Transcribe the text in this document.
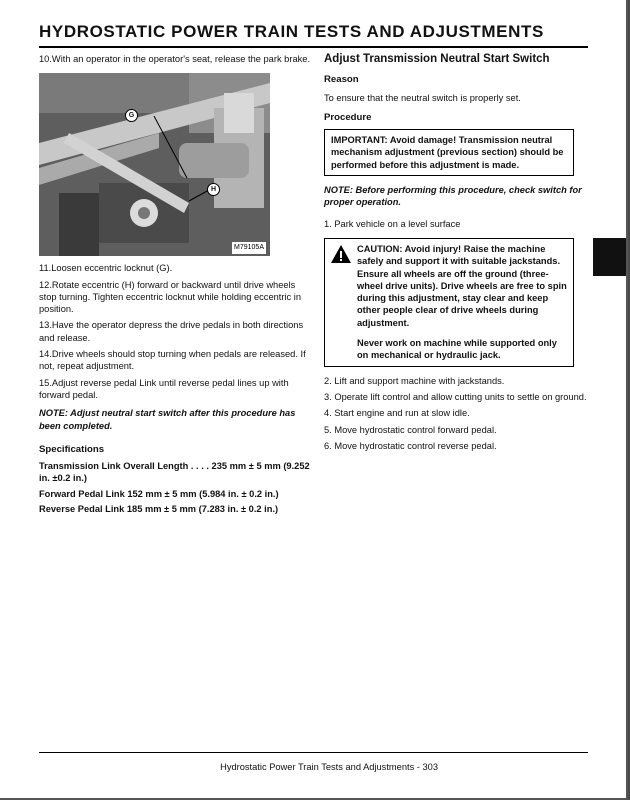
HYDROSTATIC POWER TRAIN TESTS AND ADJUSTMENTS

10.With an operator in the operator's seat, release the park brake.

G
H
M79105A

11.Loosen eccentric locknut (G).

12.Rotate eccentric (H) forward or backward until drive wheels stop turning. Tighten eccentric locknut while holding eccentric in position.

13.Have the operator depress the drive pedals in both directions and release.

14.Drive wheels should stop turning when pedals are released. If not, repeat adjustment.

15.Adjust reverse pedal Link until reverse pedal lines up with forward pedal.

NOTE: Adjust neutral start switch after this procedure has been completed.

Specifications

Transmission Link Overall Length . . . . 235 mm ± 5 mm (9.252 in. ±0.2 in.)

Forward Pedal Link 152 mm ± 5 mm (5.984 in. ± 0.2 in.)

Reverse Pedal Link 185 mm ± 5 mm (7.283 in. ± 0.2 in.)

Adjust Transmission Neutral Start Switch

Reason

To ensure that the neutral switch is properly set.

Procedure

IMPORTANT: Avoid damage! Transmission neutral mechanism adjustment (previous section) should be performed before this adjustment is made.

NOTE: Before performing this procedure, check switch for proper operation.

1. Park vehicle on a level surface

CAUTION: Avoid injury! Raise the machine safely and support it with suitable jackstands. Ensure all wheels are off the ground (three-wheel drive units). Drive wheels are free to spin during this adjustment, stay clear and keep other people clear of drive wheels during adjustment.
Never work on machine while supported only on mechanical or hydraulic jack.

2. Lift and support machine with jackstands.

3. Operate lift control and allow cutting units to settle on ground.

4. Start engine and run at slow idle.

5. Move hydrostatic control forward pedal.

6. Move hydrostatic control reverse pedal.

Hydrostatic Power Train Tests and Adjustments - 303
